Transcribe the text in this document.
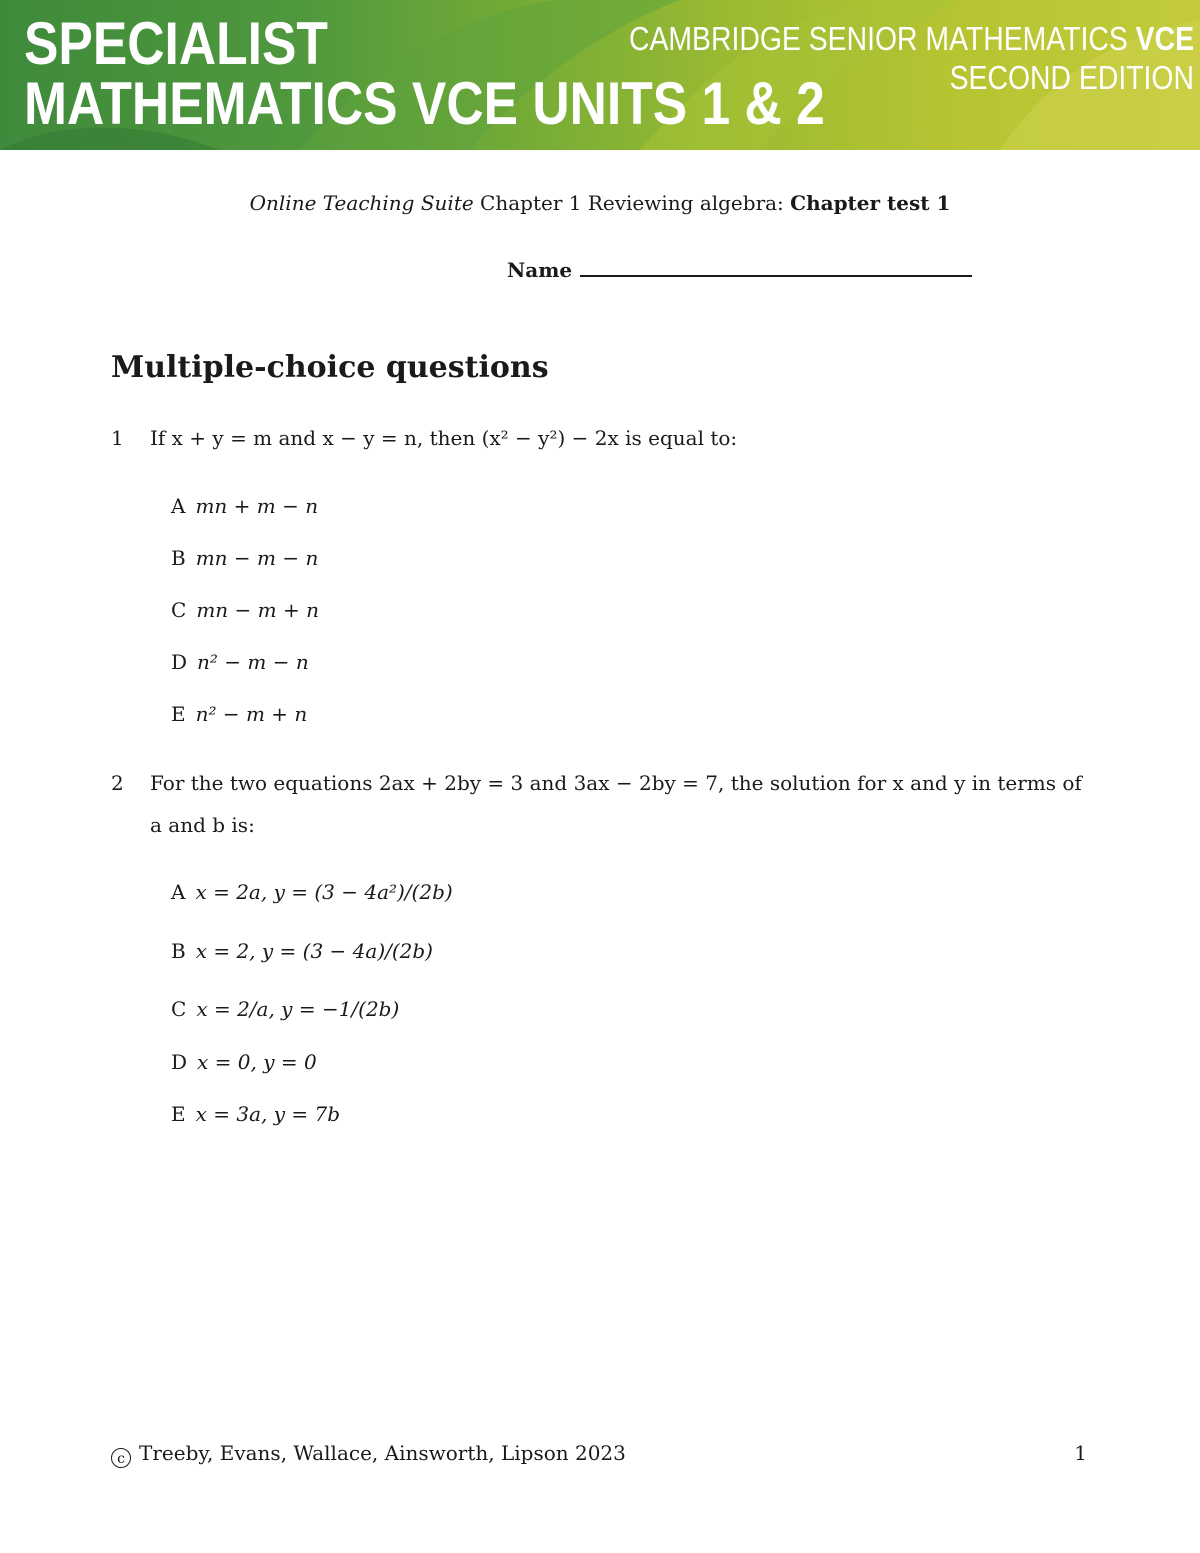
SPECIALIST
MATHEMATICS VCE UNITS 1 & 2
CAMBRIDGE SENIOR MATHEMATICS VCE
SECOND EDITION
Online Teaching Suite Chapter 1 Reviewing algebra: Chapter test 1
Name
Multiple-choice questions
1 If x + y = m and x − y = n, then (x² − y²) − 2x is equal to:
A mn + m − n
B mn − m − n
C mn − m + n
D n² − m − n
E n² − m + n
2 For the two equations 2ax + 2by = 3 and 3ax − 2by = 7, the solution for x and y in terms of
a and b is:
A x = 2a, y = (3 − 4a²)/(2b)
B x = 2, y = (3 − 4a)/(2b)
C x = 2/a, y = −1/(2b)
D x = 0, y = 0
E x = 3a, y = 7b
c Treeby, Evans, Wallace, Ainsworth, Lipson 2023	1
